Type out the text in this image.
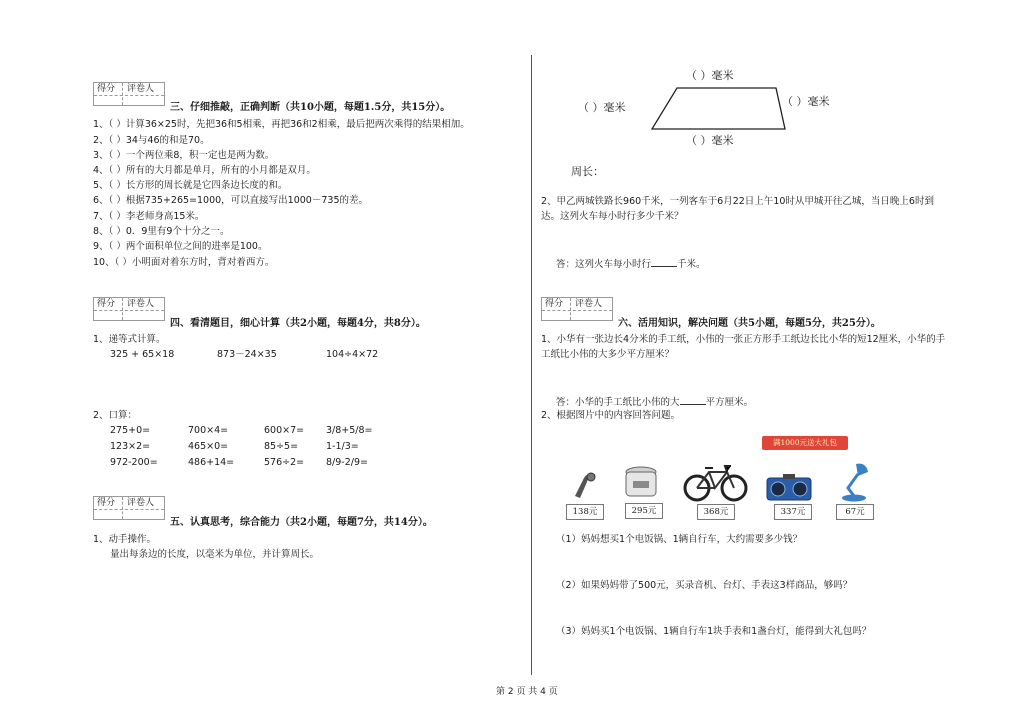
得分 评卷人
三、仔细推敲，正确判断（共10小题，每题1.5分，共15分）。
1、（ ）计算36×25时，先把36和5相乘，再把36和2相乘，最后把两次乘得的结果相加。
2、（ ）34与46的和是70。
3、（ ）一个两位乘8，积一定也是两为数。
4、（ ）所有的大月都是单月，所有的小月都是双月。
5、（ ）长方形的周长就是它四条边长度的和。
6、（ ）根据735+265=1000，可以直接写出1000－735的差。
7、（ ）李老师身高15米。
8、（ ）0．9里有9个十分之一。
9、（ ）两个面积单位之间的进率是100。
10、（ ）小明面对着东方时，背对着西方。
得分 评卷人
四、看清题目，细心计算（共2小题，每题4分，共8分）。
1、递等式计算。
325 + 65×18	873－24×35	104÷4×72
2、口算：
275+0=	700×4=	600×7= 3/8+5/8=
123×2=	465×0=	85÷5=	1-1/3=
972-200=	486+14=	576÷2= 8/9-2/9=
得分 评卷人
五、认真思考，综合能力（共2小题，每题7分，共14分）。
1、动手操作。
量出每条边的长度，以毫米为单位，并计算周长。
（ ）毫米
（ ）毫米	（ ）毫米
（ ）毫米
周长：
2、甲乙两城铁路长960千米，一列客车于6月22日上午10时从甲城开往乙城，当日晚上6时到
达。这列火车每小时行多少千米？
答：这列火车每小时行	千米。
得分 评卷人
六、活用知识，解决问题（共5小题，每题5分，共25分）。
1、小华有一张边长4分米的手工纸，小伟的一张正方形手工纸边长比小华的短12厘米，小华的手
工纸比小伟的大多少平方厘米？
答：小华的手工纸比小伟的大	平方厘米。
2、根据图片中的内容回答问题。
满1000元送大礼包
138元	295元	368元	337元	67元
（1）妈妈想买1个电饭锅、1辆自行车，大约需要多少钱？
（2）如果妈妈带了500元，买录音机、台灯、手表这3样商品，够吗？
（3）妈妈买1个电饭锅、1辆自行车1块手表和1盏台灯，能得到大礼包吗？
第 2 页 共 4 页
